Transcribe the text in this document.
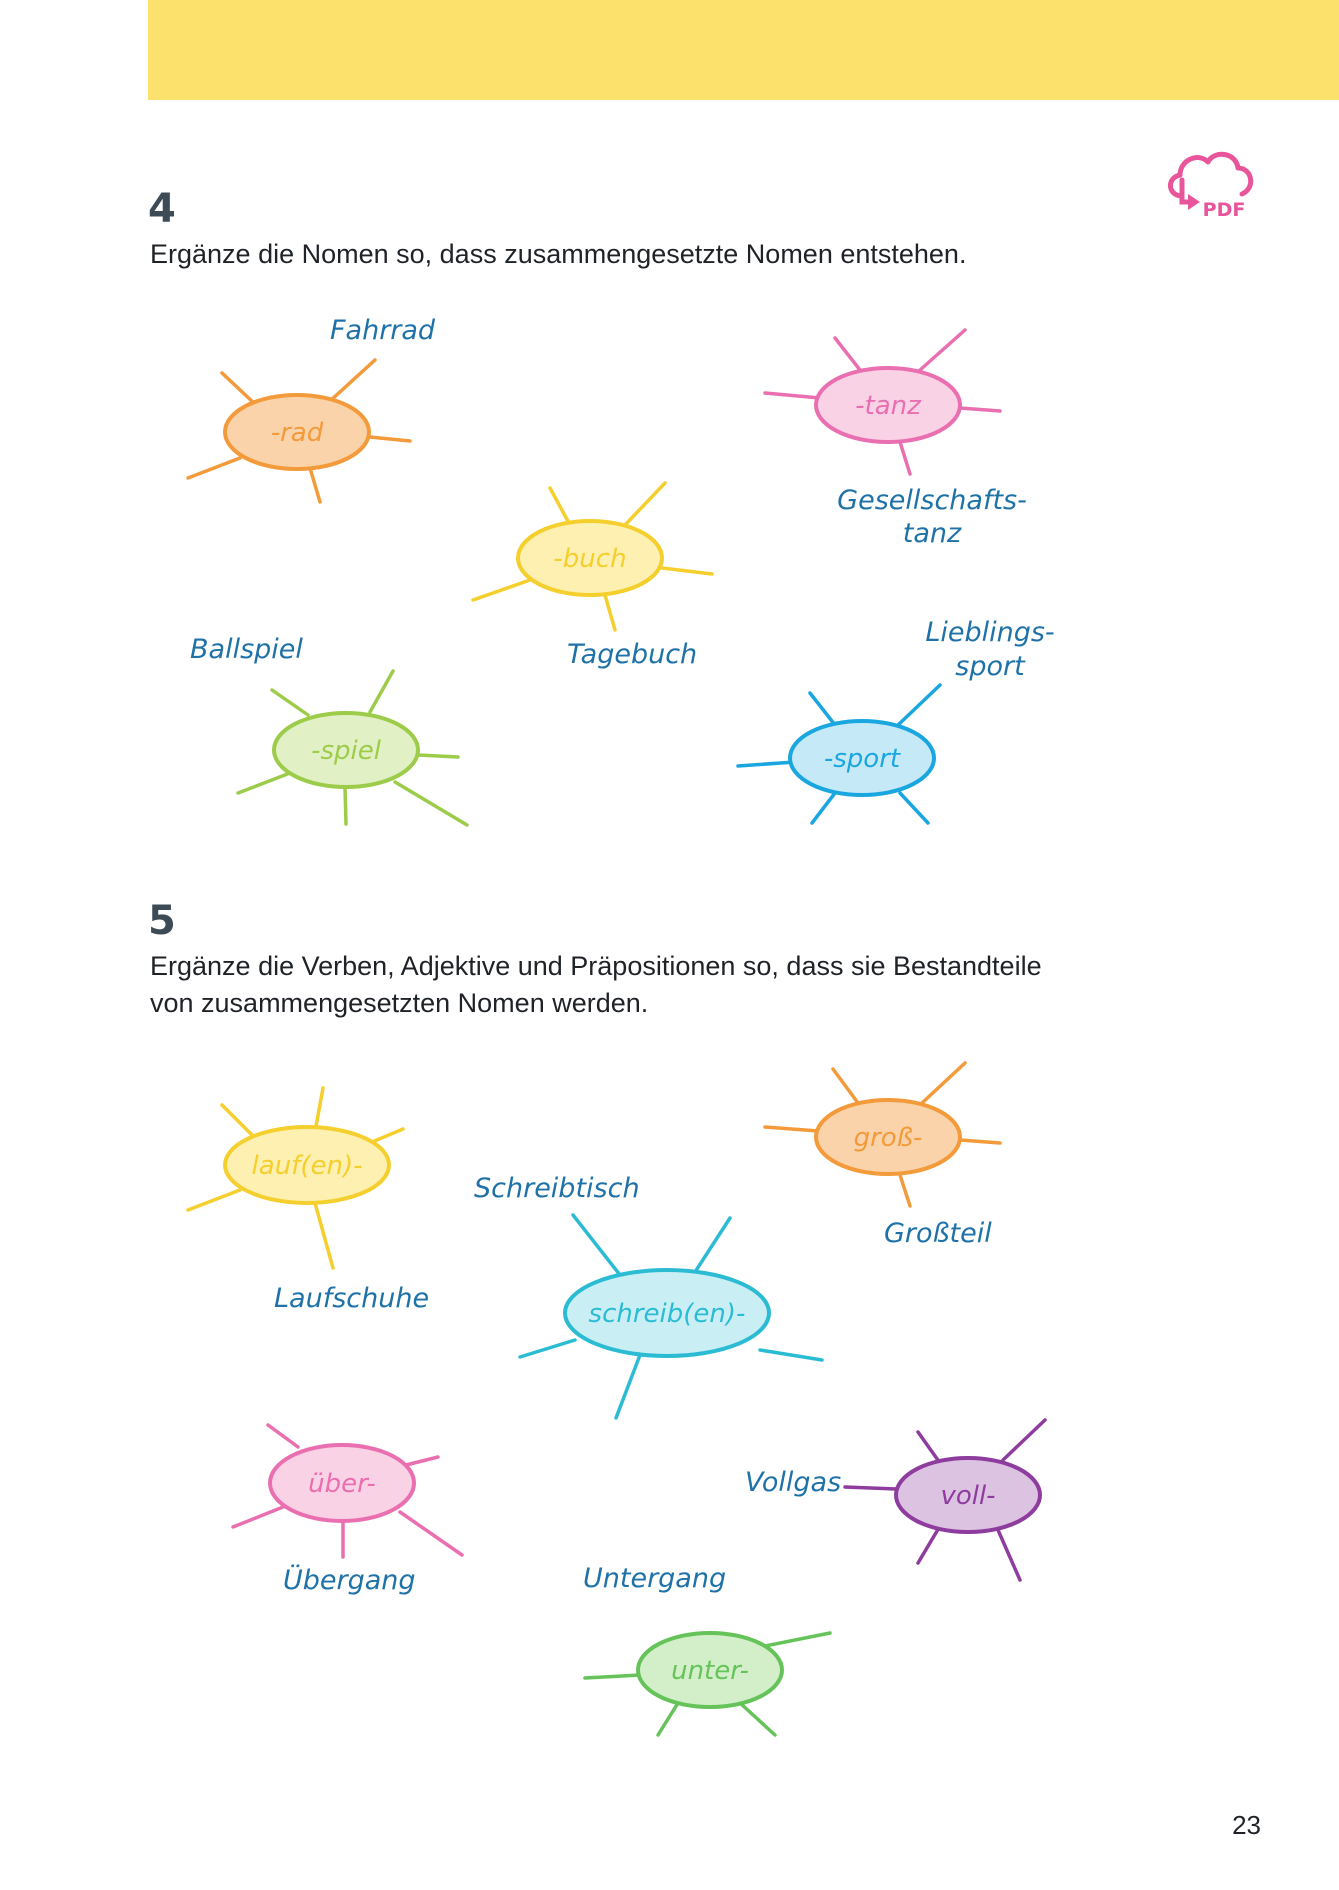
PDF
4
Ergänze die Nomen so, dass zusammengesetzte Nomen entstehen.
5
Ergänze die Verben, Adjektive und Präpositionen so, dass sie Bestandteile
von zusammengesetzten Nomen werden.
-rad
-tanz
-buch
-spiel	-sport
lauf(en)-
groß-
schreib(en)-
über-	voll-
unter-
Fahrrad
Gesellschafts-
tanz
Tagebuch
Ballspiel
Lieblings-
sport
Laufschuhe
Großteil
Schreibtisch
Übergang
Vollgas
Untergang
23
